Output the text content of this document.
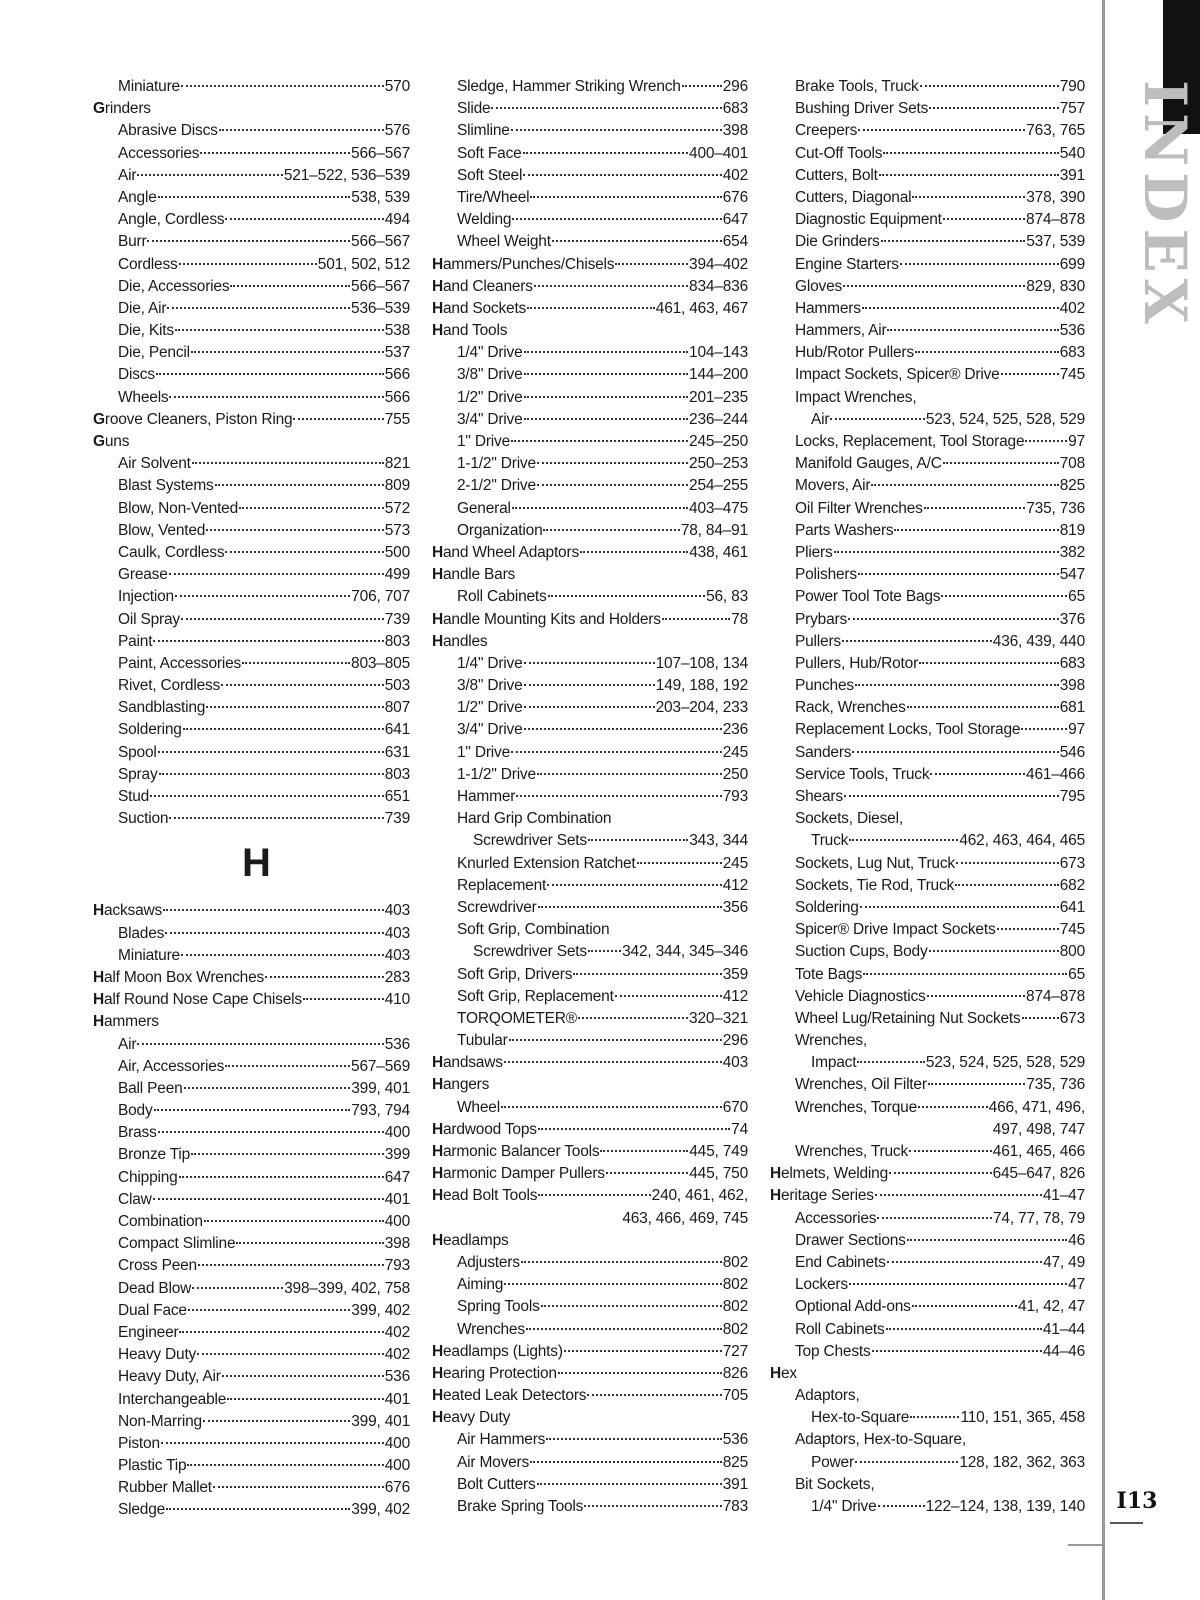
INDEX
Miniature	570
Grinders
Abrasive Discs	576
Accessories	566–567
Air	521–522, 536–539
Angle	538, 539
Angle, Cordless	494
Burr	566–567
Cordless	501, 502, 512
Die, Accessories	566–567
Die, Air	536–539
Die, Kits	538
Die, Pencil	537
Discs	566
Wheels	566
Groove Cleaners, Piston Ring	755
Guns
Air Solvent	821
Blast Systems	809
Blow, Non-Vented	572
Blow, Vented	573
Caulk, Cordless	500
Grease	499
Injection	706, 707
Oil Spray	739
Paint	803
Paint, Accessories	803–805
Rivet, Cordless	503
Sandblasting	807
Soldering	641
Spool	631
Spray	803
Stud	651
Suction	739
H
Hacksaws	403
Blades	403
Miniature	403
Half Moon Box Wrenches	283
Half Round Nose Cape Chisels	410
Hammers
Air	536
Air, Accessories	567–569
Ball Peen	399, 401
Body	793, 794
Brass	400
Bronze Tip	399
Chipping	647
Claw	401
Combination	400
Compact Slimline	398
Cross Peen	793
Dead Blow	398–399, 402, 758
Dual Face	399, 402
Engineer	402
Heavy Duty	402
Heavy Duty, Air	536
Interchangeable	401
Non-Marring	399, 401
Piston	400
Plastic Tip	400
Rubber Mallet	676
Sledge	399, 402
Sledge, Hammer Striking Wrench	296
Slide	683
Slimline	398
Soft Face	400–401
Soft Steel	402
Tire/Wheel	676
Welding	647
Wheel Weight	654
Hammers/Punches/Chisels	394–402
Hand Cleaners	834–836
Hand Sockets	461, 463, 467
Hand Tools
1/4" Drive	104–143
3/8" Drive	144–200
1/2" Drive	201–235
3/4" Drive	236–244
1" Drive	245–250
1-1/2" Drive	250–253
2-1/2" Drive	254–255
General	403–475
Organization	78, 84–91
Hand Wheel Adaptors	438, 461
Handle Bars
Roll Cabinets	56, 83
Handle Mounting Kits and Holders	78
Handles
1/4" Drive	107–108, 134
3/8" Drive	149, 188, 192
1/2" Drive	203–204, 233
3/4" Drive	236
1" Drive	245
1-1/2" Drive	250
Hammer	793
Hard Grip Combination
Screwdriver Sets	343, 344
Knurled Extension Ratchet	245
Replacement	412
Screwdriver	356
Soft Grip, Combination
Screwdriver Sets 342, 344, 345–346
Soft Grip, Drivers	359
Soft Grip, Replacement	412
TORQOMETER®	320–321
Tubular	296
Handsaws	403
Hangers
Wheel	670
Hardwood Tops	74
Harmonic Balancer Tools	445, 749
Harmonic Damper Pullers	445, 750
Head Bolt Tools	240, 461, 462,
463, 466, 469, 745
Headlamps
Adjusters	802
Aiming	802
Spring Tools	802
Wrenches	802
Headlamps (Lights)	727
Hearing Protection	826
Heated Leak Detectors	705
Heavy Duty
Air Hammers	536
Air Movers	825
Bolt Cutters	391
Brake Spring Tools	783
Brake Tools, Truck	790
Bushing Driver Sets	757
Creepers	763, 765
Cut-Off Tools	540
Cutters, Bolt	391
Cutters, Diagonal	378, 390
Diagnostic Equipment	874–878
Die Grinders	537, 539
Engine Starters	699
Gloves	829, 830
Hammers	402
Hammers, Air	536
Hub/Rotor Pullers	683
Impact Sockets, Spicer® Drive	745
Impact Wrenches,
Air	523, 524, 525, 528, 529
Locks, Replacement, Tool Storage	97
Manifold Gauges, A/C	708
Movers, Air	825
Oil Filter Wrenches	735, 736
Parts Washers	819
Pliers	382
Polishers	547
Power Tool Tote Bags	65
Prybars	376
Pullers	436, 439, 440
Pullers, Hub/Rotor	683
Punches	398
Rack, Wrenches	681
Replacement Locks, Tool Storage	97
Sanders	546
Service Tools, Truck	461–466
Shears	795
Sockets, Diesel,
Truck	462, 463, 464, 465
Sockets, Lug Nut, Truck	673
Sockets, Tie Rod, Truck	682
Soldering	641
Spicer® Drive Impact Sockets	745
Suction Cups, Body	800
Tote Bags	65
Vehicle Diagnostics	874–878
Wheel Lug/Retaining Nut Sockets	673
Wrenches,
Impact	523, 524, 525, 528, 529
Wrenches, Oil Filter	735, 736
Wrenches, Torque	466, 471, 496,
497, 498, 747
Wrenches, Truck	461, 465, 466
Helmets, Welding	645–647, 826
Heritage Series	41–47
Accessories	74, 77, 78, 79
Drawer Sections	46
End Cabinets	47, 49
Lockers	47
Optional Add-ons	41, 42, 47
Roll Cabinets	41–44
Top Chests	44–46
Hex
Adaptors,
Hex-to-Square	110, 151, 365, 458
Adaptors, Hex-to-Square,
Power	128, 182, 362, 363
Bit Sockets,
1/4" Drive	122–124, 138, 139, 140 I13
